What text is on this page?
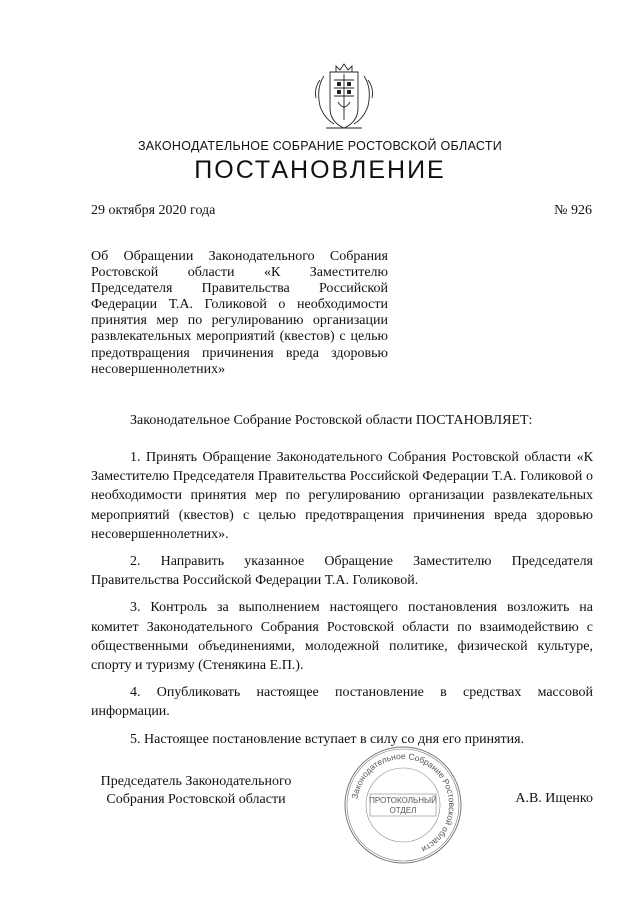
ЗАКОНОДАТЕЛЬНОЕ СОБРАНИЕ РОСТОВСКОЙ ОБЛАСТИ
ПОСТАНОВЛЕНИЕ
29 октября 2020 года	№ 926
Об Обращении Законодательного Собрания Ростовской области «К Заместителю Председателя Правительства Российской Федерации Т.А. Голиковой о необходимости принятия мер по регулированию организации развлекательных мероприятий (квестов) с целью предотвращения причинения вреда здоровью несовершеннолетних»
Законодательное Собрание Ростовской области ПОСТАНОВЛЯЕТ:

1. Принять Обращение Законодательного Собрания Ростовской области «К Заместителю Председателя Правительства Российской Федерации Т.А. Голиковой о необходимости принятия мер по регулированию организации развлекательных мероприятий (квестов) с целью предотвращения причинения вреда здоровью несовершеннолетних».

2. Направить указанное Обращение Заместителю Председателя Правительства Российской Федерации Т.А. Голиковой.

3. Контроль за выполнением настоящего постановления возложить на комитет Законодательного Собрания Ростовской области по взаимодействию с общественными объединениями, молодежной политике, физической культуре, спорту и туризму (Стенякина Е.П.).

4. Опубликовать настоящее постановление в средствах массовой информации.

5. Настоящее постановление вступает в силу со дня его принятия.

Председатель Законодательного
Собрания Ростовской области	А.В. Ищенко
Законодательное Собрание Ростовской области
ПРОТОКОЛЬНЫЙ
ОТДЕЛ
